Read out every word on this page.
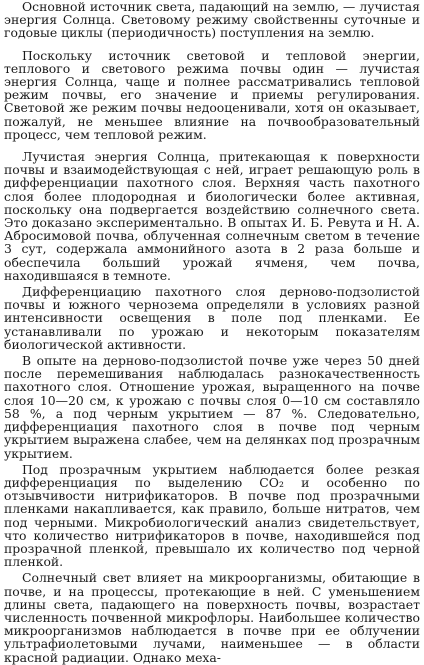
Основной источник света, падающий на землю, — лучистая энергия Солнца. Световому режиму свойственны суточные и годовые циклы (периодичность) поступления на землю.

Поскольку источник световой и тепловой энергии, теплового и светового режима почвы один — лучистая энергия Солнца, чаще и полнее рассматривались тепловой режим почвы, его значение и приемы регулирования. Световой же режим почвы недооценивали, хотя он оказывает, пожалуй, не меньшее влияние на почвообразовательный процесс, чем тепловой режим.

Лучистая энергия Солнца, притекающая к поверхности почвы и взаимодействующая с ней, играет решающую роль в дифференциации пахотного слоя. Верхняя часть пахотного слоя более плодородная и биологически более активная, поскольку она подвергается воздействию солнечного света. Это доказано экспериментально. В опытах И. Б. Ревута и Н. А. Абросимовой почва, облученная солнечным светом в течение 3 сут, содержала аммонийного азота в 2 раза больше и обеспечила больший урожай ячменя, чем почва, находившаяся в темноте.

Дифференциацию пахотного слоя дерново-подзолистой почвы и южного чернозема определяли в условиях разной интенсивности освещения в поле под пленками. Ее устанавливали по урожаю и некоторым показателям биологической активности.

В опыте на дерново-подзолистой почве уже через 50 дней после перемешивания наблюдалась разнокачественность пахотного слоя. Отношение урожая, выращенного на почве слоя 10—20 см, к урожаю с почвы слоя 0—10 см составляло 58 %, а под черным укрытием — 87 %. Следовательно, дифференциация пахотного слоя в почве под черным укрытием выражена слабее, чем на делянках под прозрачным укрытием.

Под прозрачным укрытием наблюдается более резкая дифференциация по выделению CO₂ и особенно по отзывчивости нитрификаторов. В почве под прозрачными пленками накапливается, как правило, больше нитратов, чем под черными. Микробиологический анализ свидетельствует, что количество нитрификаторов в почве, находившейся под прозрачной пленкой, превышало их количество под черной пленкой.

Солнечный свет влияет на микроорганизмы, обитающие в почве, и на процессы, протекающие в ней. С уменьшением длины света, падающего на поверхность почвы, возрастает численность почвенной микрофлоры. Наибольшее количество микроорганизмов наблюдается в почве при ее облучении ультрафиолетовыми лучами, наименьшее — в области красной радиации. Однако меха-
